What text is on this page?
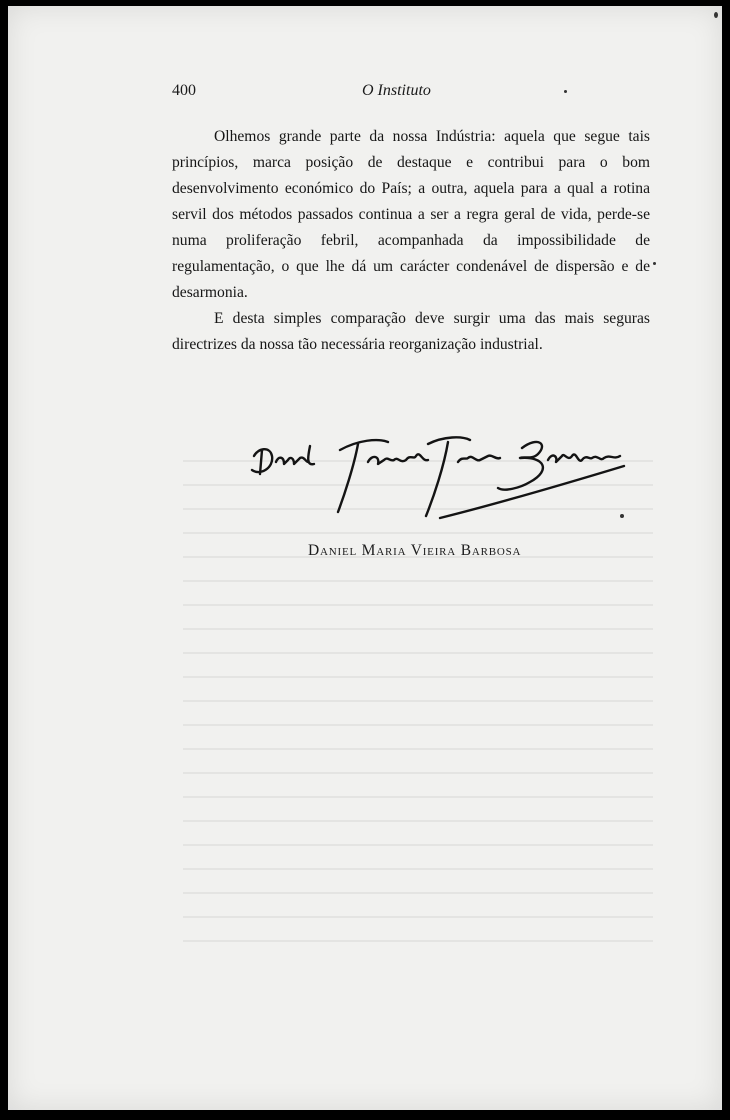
400	O Instituto

Olhemos grande parte da nossa Indústria: aquela que segue tais princípios, marca posição de destaque e contribui para o bom desenvolvimento económico do País; a outra, aquela para a qual a rotina servil dos métodos passados continua a ser a regra geral de vida, perde-se numa proliferação febril, acompanhada da impossibilidade de regulamentação, o que lhe dá um carácter condenável de dispersão e de desarmonia.

E desta simples comparação deve surgir uma das mais seguras directrizes da nossa tão necessária reorganização industrial.

Daniel Maria Vieira Barbosa
